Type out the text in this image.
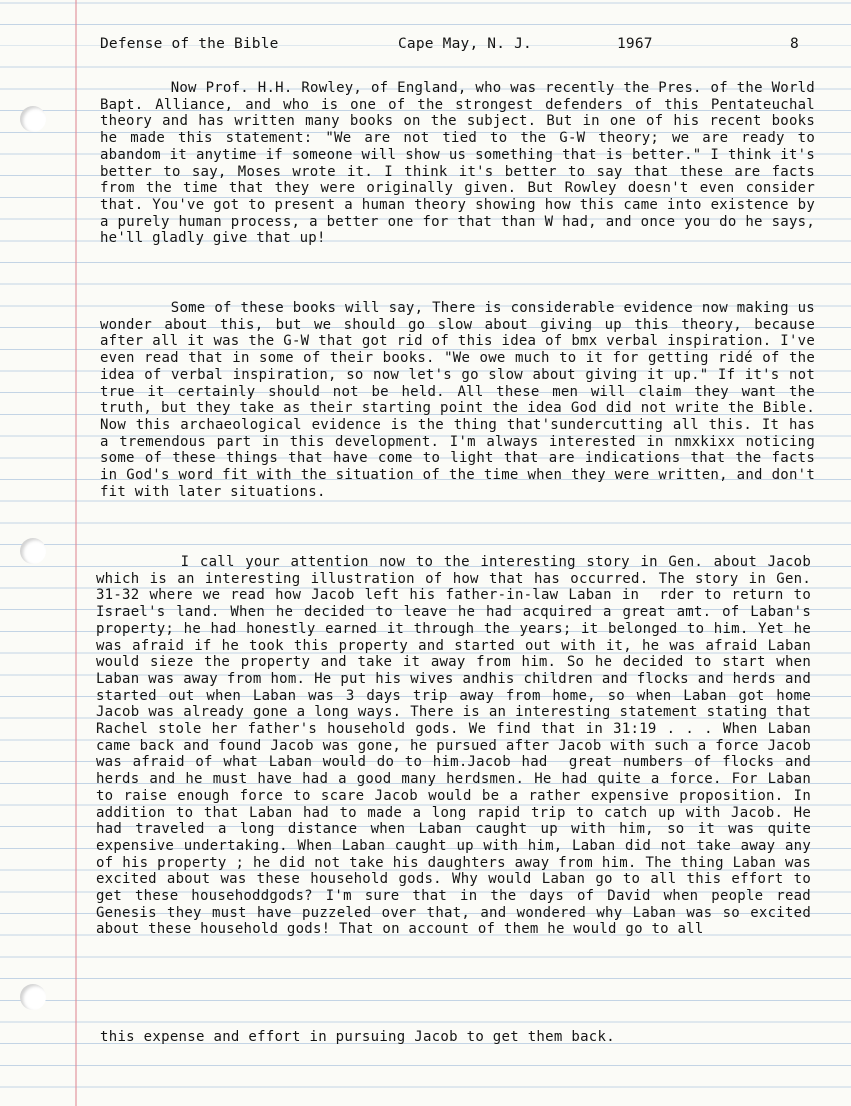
Defense of the Bible	Cape May, N. J.	1967	8

Now Prof. H.H. Rowley, of England, who was recently the Pres. of the World Bapt. Alliance, and who is one of the strongest defenders of this Pentateuchal theory and has written many books on the subject. But in one of his recent books he made this statement: "We are not tied to the G-W theory; we are ready to abandom it anytime if someone will show us something that is better." I think it's better to say, Moses wrote it. I think it's better to say that these are facts from the time that they were originally given. But Rowley doesn't even consider that. You've got to present a human theory showing how this came into existence by a purely human process, a better one for that than W had, and once you do he says, he'll gladly give that up!

Some of these books will say, There is considerable evidence now making us wonder about this, but we should go slow about giving up this theory, because after all it was the G-W that got rid of this idea of bmx verbal inspiration. I've even read that in some of their books. "We owe much to it for getting ridé of the idea of verbal inspiration, so now let's go slow about giving it up." If it's not true it certainly should not be held. All these men will claim they want the truth, but they take as their starting point the idea God did not write the Bible. Now this archaeological evidence is the thing that'sundercutting all this. It has a tremendous part in this development. I'm always interested in nmxkixx noticing some of these things that have come to light that are indications that the facts in God's word fit with the situation of the time when they were written, and don't fit with later situations.

I call your attention now to the interesting story in Gen. about Jacob which is an interesting illustration of how that has occurred. The story in Gen. 31-32 where we read how Jacob left his father-in-law Laban in  rder to return to Israel's land. When he decided to leave he had acquired a great amt. of Laban's property; he had honestly earned it through the years; it belonged to him. Yet he was afraid if he took this property and started out with it, he was afraid Laban would sieze the property and take it away from him. So he decided to start when Laban was away from hom. He put his wives andhis children and flocks and herds and started out when Laban was 3 days trip away from home, so when Laban got home Jacob was already gone a long ways. There is an interesting statement stating that Rachel stole her father's household gods. We find that in 31:19 . . . When Laban came back and found Jacob was gone, he pursued after Jacob with such a force Jacob was afraid of what Laban would do to him.Jacob had  great numbers of flocks and herds and he must have had a good many herdsmen. He had quite a force. For Laban to raise enough force to scare Jacob would be a rather expensive proposition. In addition to that Laban had to made a long rapid trip to catch up with Jacob. He had traveled a long distance when Laban caught up with him, so it was quite expensive undertaking. When Laban caught up with him, Laban did not take away any of his property ; he did not take his daughters away from him. The thing Laban was excited about was these household gods. Why would Laban go to all this effort to get these househoddgods? I'm sure that in the days of David when people read Genesis they must have puzzeled over that, and wondered why Laban was so excited about these household gods! That on account of them he would go to all

this expense and effort in pursuing Jacob to get them back.
